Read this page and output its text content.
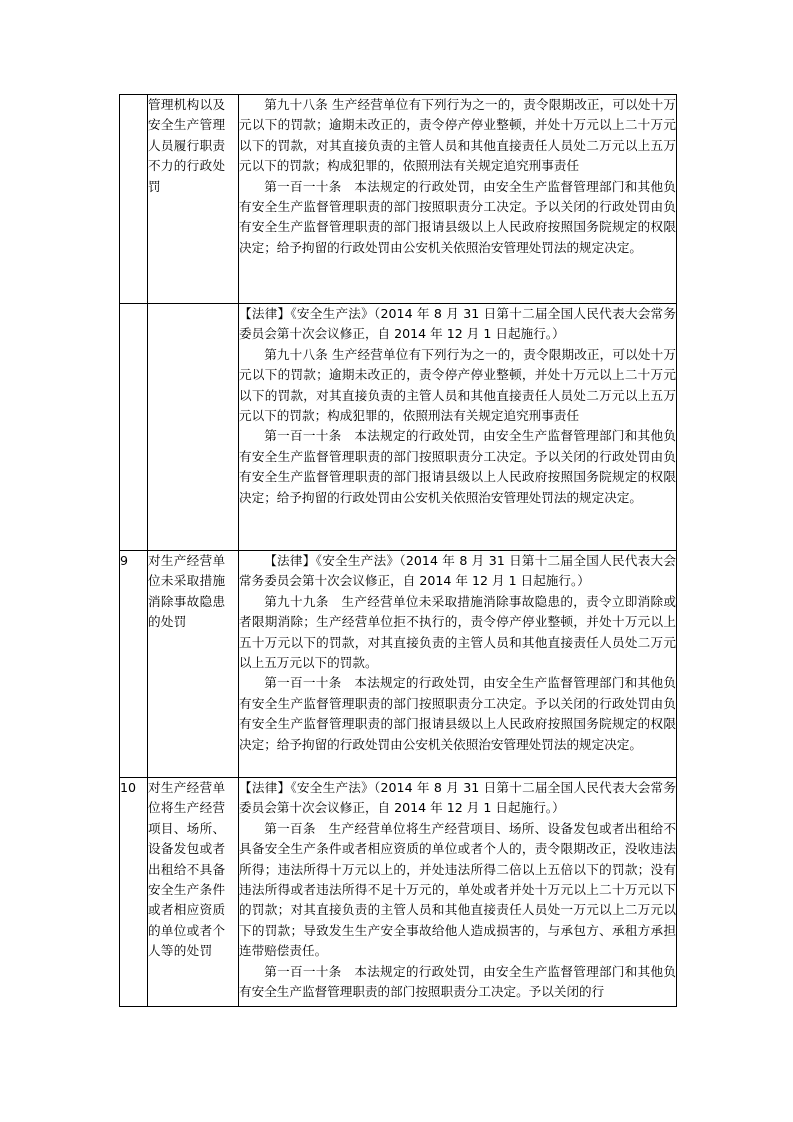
	管理机构以及安全生产管理人员履行职责不力的行政处罚	第九十八条 生产经营单位有下列行为之一的，责令限期改正，可以处十万元以下的罚款；逾期未改正的，责令停产停业整顿，并处十万元以上二十万元以下的罚款，对其直接负责的主管人员和其他直接责任人员处二万元以上五万元以下的罚款；构成犯罪的，依照刑法有关规定追究刑事责任

第一百一十条　本法规定的行政处罚，由安全生产监督管理部门和其他负有安全生产监督管理职责的部门按照职责分工决定。予以关闭的行政处罚由负有安全生产监督管理职责的部门报请县级以上人民政府按照国务院规定的权限决定；给予拘留的行政处罚由公安机关依照治安管理处罚法的规定决定。

		【法律】《安全生产法》（2014 年 8 月 31 日第十二届全国人民代表大会常务委员会第十次会议修正，自 2014 年 12 月 1 日起施行。）

第九十八条 生产经营单位有下列行为之一的，责令限期改正，可以处十万元以下的罚款；逾期未改正的，责令停产停业整顿，并处十万元以上二十万元以下的罚款，对其直接负责的主管人员和其他直接责任人员处二万元以上五万元以下的罚款；构成犯罪的，依照刑法有关规定追究刑事责任

第一百一十条　本法规定的行政处罚，由安全生产监督管理部门和其他负有安全生产监督管理职责的部门按照职责分工决定。予以关闭的行政处罚由负有安全生产监督管理职责的部门报请县级以上人民政府按照国务院规定的权限决定；给予拘留的行政处罚由公安机关依照治安管理处罚法的规定决定。

9	对生产经营单位未采取措施消除事故隐患的处罚	【法律】《安全生产法》（2014 年 8 月 31 日第十二届全国人民代表大会常务委员会第十次会议修正，自 2014 年 12 月 1 日起施行。）

第九十九条　生产经营单位未采取措施消除事故隐患的，责令立即消除或者限期消除；生产经营单位拒不执行的，责令停产停业整顿，并处十万元以上五十万元以下的罚款，对其直接负责的主管人员和其他直接责任人员处二万元以上五万元以下的罚款。

第一百一十条　本法规定的行政处罚，由安全生产监督管理部门和其他负有安全生产监督管理职责的部门按照职责分工决定。予以关闭的行政处罚由负有安全生产监督管理职责的部门报请县级以上人民政府按照国务院规定的权限决定；给予拘留的行政处罚由公安机关依照治安管理处罚法的规定决定。

10	对生产经营单位将生产经营项目、场所、设备发包或者出租给不具备安全生产条件或者相应资质的单位或者个人等的处罚	【法律】《安全生产法》（2014 年 8 月 31 日第十二届全国人民代表大会常务委员会第十次会议修正，自 2014 年 12 月 1 日起施行。）

第一百条　生产经营单位将生产经营项目、场所、设备发包或者出租给不具备安全生产条件或者相应资质的单位或者个人的，责令限期改正，没收违法所得；违法所得十万元以上的，并处违法所得二倍以上五倍以下的罚款；没有违法所得或者违法所得不足十万元的，单处或者并处十万元以上二十万元以下的罚款；对其直接负责的主管人员和其他直接责任人员处一万元以上二万元以下的罚款；导致发生生产安全事故给他人造成损害的，与承包方、承租方承担连带赔偿责任。

第一百一十条　本法规定的行政处罚，由安全生产监督管理部门和其他负有安全生产监督管理职责的部门按照职责分工决定。予以关闭的行
